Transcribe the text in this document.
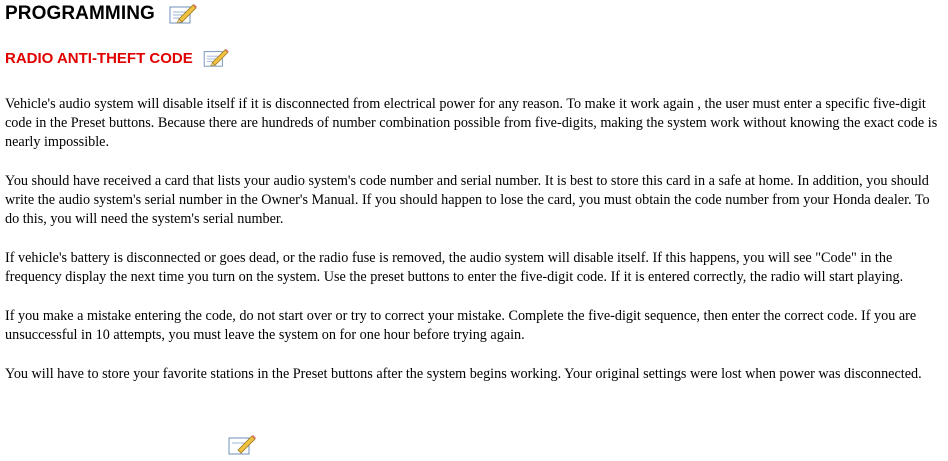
PROGRAMMING
RADIO ANTI-THEFT CODE

Vehicle's audio system will disable itself if it is disconnected from electrical power for any reason. To make it work again , the user must enter a specific five-digit code in the Preset buttons. Because there are hundreds of number combination possible from five-digits, making the system work without knowing the exact code is nearly impossible.

You should have received a card that lists your audio system's code number and serial number. It is best to store this card in a safe at home. In addition, you should write the audio system's serial number in the Owner's Manual. If you should happen to lose the card, you must obtain the code number from your Honda dealer. To do this, you will need the system's serial number.

If vehicle's battery is disconnected or goes dead, or the radio fuse is removed, the audio system will disable itself. If this happens, you will see "Code" in the frequency display the next time you turn on the system. Use the preset buttons to enter the five-digit code. If it is entered correctly, the radio will start playing.

If you make a mistake entering the code, do not start over or try to correct your mistake. Complete the five-digit sequence, then enter the correct code. If you are unsuccessful in 10 attempts, you must leave the system on for one hour before trying again.

You will have to store your favorite stations in the Preset buttons after the system begins working. Your original settings were lost when power was disconnected.
